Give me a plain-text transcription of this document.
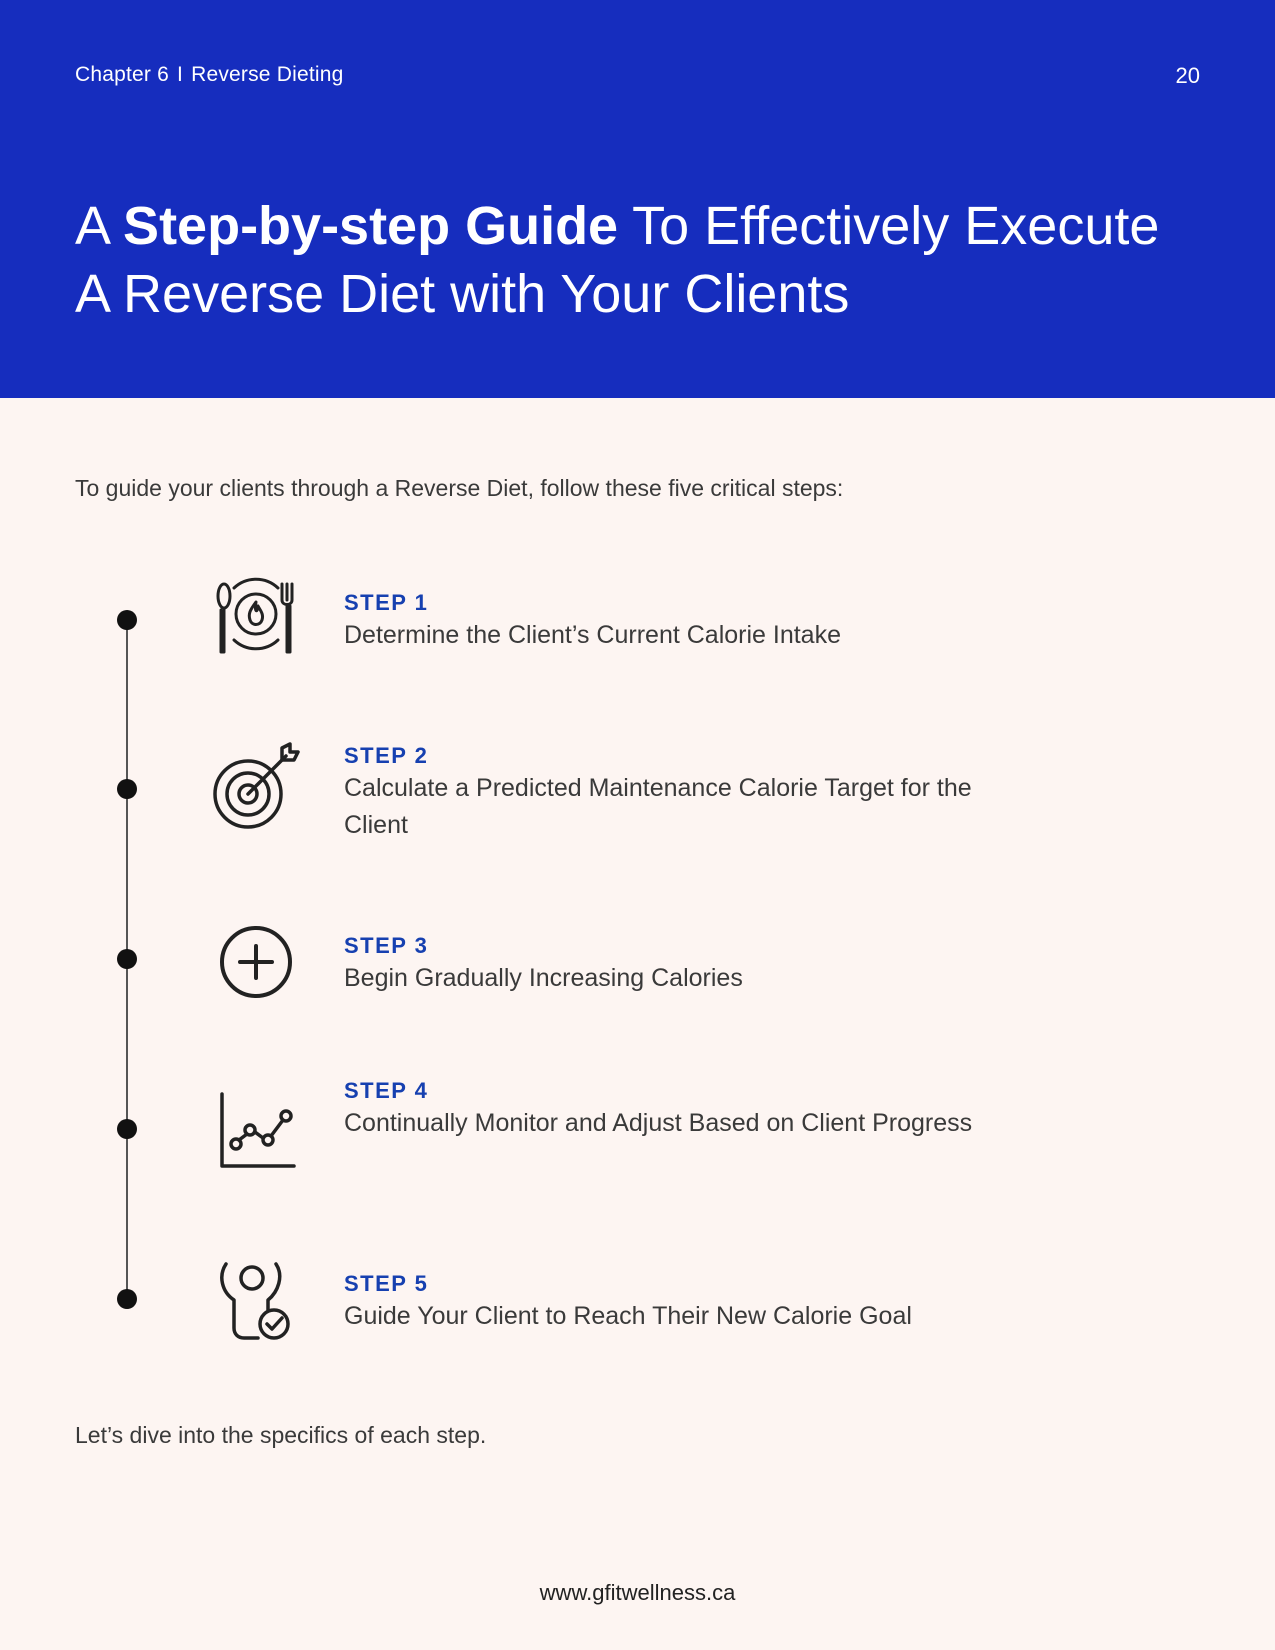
Chapter 6 I Reverse Dieting	20
A Step-by-step Guide To Effectively Execute A Reverse Diet with Your Clients
To guide your clients through a Reverse Diet, follow these five critical steps:
STEP 1
Determine the Client’s Current Calorie Intake
STEP 2
Calculate a Predicted Maintenance Calorie Target for the Client
STEP 3
Begin Gradually Increasing Calories
STEP 4
Continually Monitor and Adjust Based on Client Progress
STEP 5
Guide Your Client to Reach Their New Calorie Goal
Let’s dive into the specifics of each step.
www.gfitwellness.ca
